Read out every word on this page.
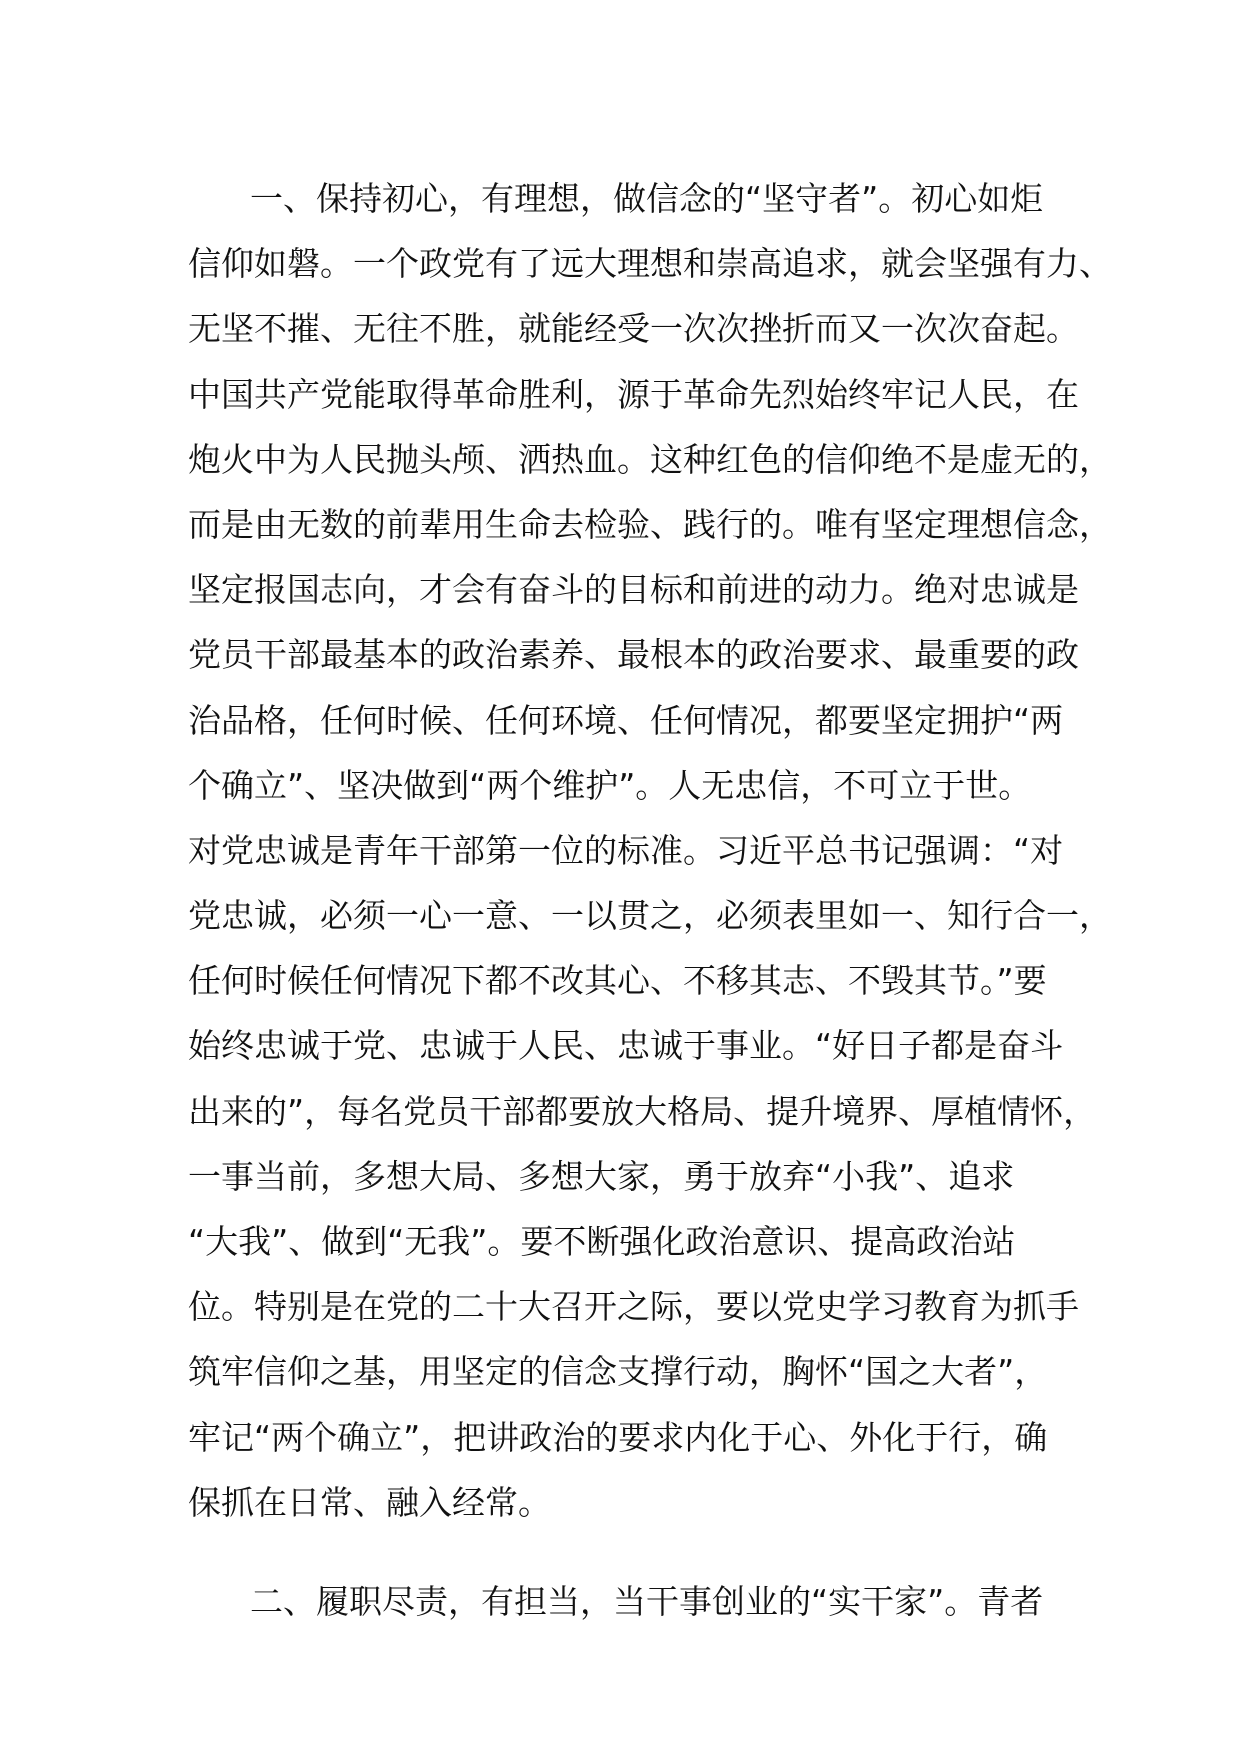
一、保持初心，有理想，做信念的“坚守者”。初心如炬
信仰如磐。一个政党有了远大理想和崇高追求，就会坚强有力、
无坚不摧、无往不胜，就能经受一次次挫折而又一次次奋起。
中国共产党能取得革命胜利，源于革命先烈始终牢记人民，在
炮火中为人民抛头颅、洒热血。这种红色的信仰绝不是虚无的，
而是由无数的前辈用生命去检验、践行的。唯有坚定理想信念，
坚定报国志向，才会有奋斗的目标和前进的动力。绝对忠诚是
党员干部最基本的政治素养、最根本的政治要求、最重要的政
治品格，任何时候、任何环境、任何情况，都要坚定拥护“两
个确立”、坚决做到“两个维护”。人无忠信，不可立于世。
对党忠诚是青年干部第一位的标准。习近平总书记强调：“对
党忠诚，必须一心一意、一以贯之，必须表里如一、知行合一，
任何时候任何情况下都不改其心、不移其志、不毁其节。”要
始终忠诚于党、忠诚于人民、忠诚于事业。“好日子都是奋斗
出来的”，每名党员干部都要放大格局、提升境界、厚植情怀，
一事当前，多想大局、多想大家，勇于放弃“小我”、追求
“大我”、做到“无我”。要不断强化政治意识、提高政治站
位。特别是在党的二十大召开之际，要以党史学习教育为抓手
筑牢信仰之基，用坚定的信念支撑行动，胸怀“国之大者”，
牢记“两个确立”，把讲政治的要求内化于心、外化于行，确
保抓在日常、融入经常。
二、履职尽责，有担当，当干事创业的“实干家”。青者
